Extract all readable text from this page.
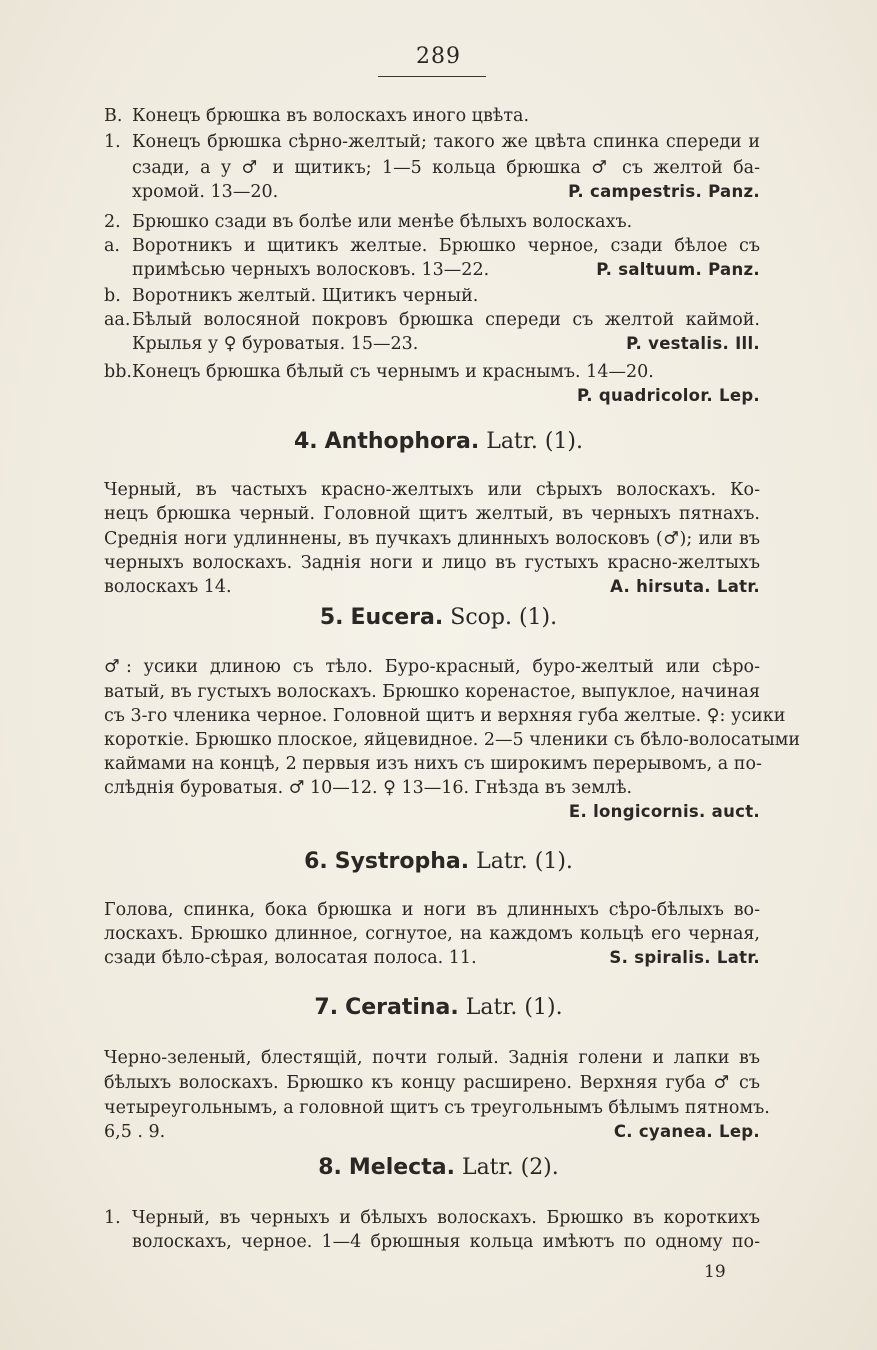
289
B. Конецъ брюшка въ волоскахъ иного цвѣта.
1. Конецъ брюшка сѣрно-желтый; такого же цвѣта спинка спереди и
сзади, а у ♂ и щитикъ; 1—5 кольца брюшка ♂ съ желтой ба-
хромой. 13—20.	P. campestris. Panz.
2. Брюшко сзади въ болѣе или менѣе бѣлыхъ волоскахъ.
a. Воротникъ и щитикъ желтые. Брюшко черное, сзади бѣлое съ
примѣсью черныхъ волосковъ. 13—22.	P. saltuum. Panz.
b. Воротникъ желтый. Щитикъ черный.
aa.Бѣлый волосяной покровъ брюшка спереди съ желтой каймой.
Крылья у ♀ буроватыя. 15—23.	P. vestalis. Ill.
bb.Конецъ брюшка бѣлый съ чернымъ и краснымъ. 14—20.
P. quadricolor. Lep.
4. Anthophora. Latr. (1).
Черный, въ частыхъ красно-желтыхъ или сѣрыхъ волоскахъ. Ко-
нецъ брюшка черный. Головной щитъ желтый, въ черныхъ пятнахъ.
Среднія ноги удлиннены, въ пучкахъ длинныхъ волосковъ (♂); или въ
черныхъ волоскахъ. Заднія ноги и лицо въ густыхъ красно-желтыхъ
волоскахъ 14.	A. hirsuta. Latr.
5. Eucera. Scop. (1).
♂: усики длиною съ тѣло. Буро-красный, буро-желтый или сѣро-
ватый, въ густыхъ волоскахъ. Брюшко коренастое, выпуклое, начиная
съ 3-го членика черное. Головной щитъ и верхняя губа желтые. ♀: усики
короткіе. Брюшко плоское, яйцевидное. 2—5 членики съ бѣло-волосатыми
каймами на концѣ, 2 первыя изъ нихъ съ широкимъ перерывомъ, а по-
слѣднія буроватыя. ♂ 10—12. ♀ 13—16. Гнѣзда въ землѣ.
E. longicornis. auct.
6. Systropha. Latr. (1).
Голова, спинка, бока брюшка и ноги въ длинныхъ сѣро-бѣлыхъ во-
лоскахъ. Брюшко длинное, согнутое, на каждомъ кольцѣ его черная,
сзади бѣло-сѣрая, волосатая полоса. 11.	S. spiralis. Latr.
7. Ceratina. Latr. (1).
Черно-зеленый, блестящій, почти голый. Заднія голени и лапки въ
бѣлыхъ волоскахъ. Брюшко къ концу расширено. Верхняя губа ♂ съ
четыреугольнымъ, а головной щитъ съ треугольнымъ бѣлымъ пятномъ.
6,5 . 9.	C. cyanea. Lep.
8. Melecta. Latr. (2).
1. Черный, въ черныхъ и бѣлыхъ волоскахъ. Брюшко въ короткихъ
волоскахъ, черное. 1—4 брюшныя кольца имѣютъ по одному по-
19
